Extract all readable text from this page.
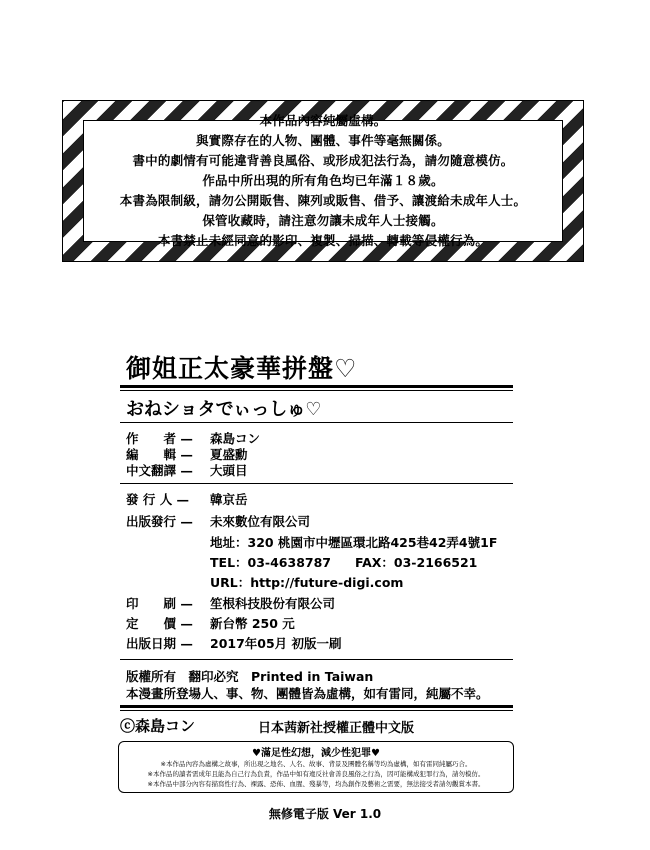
本作品內容純屬虛構。
與實際存在的人物、團體、事件等毫無關係。
書中的劇情有可能違背善良風俗、或形成犯法行為，請勿隨意模仿。
作品中所出現的所有角色均已年滿１８歲。
本書為限制級，請勿公開販售、陳列或販售、借予、讓渡給未成年人士。
保管收藏時，請注意勿讓未成年人士接觸。
本書禁止未經同意的影印、複製、掃描、轉載等侵權行為。
御姐正太豪華拼盤♡
おねショタでぃっしゅ♡
作　　者 — 森島コン
編　　輯 — 夏盛勳
中文翻譯 — 大頭目
發 行 人 — 韓京岳
出版發行 — 未來數位有限公司
地址：320 桃園市中壢區環北路425巷42弄4號1F
TEL：03-4638787 FAX：03-2166521
URL：http://future-digi.com
印　　刷 — 笙根科技股份有限公司
定　　價 — 新台幣 250 元
出版日期 — 2017年05月 初版一刷
版權所有　翻印必究　Printed in Taiwan
本漫畫所登場人、事、物、團體皆為虛構，如有雷同，純屬不幸。
ⓒ森島コン	日本茜新社授權正體中文版
♥滿足性幻想，減少性犯罪♥
※本作品內容為虛構之故事，所出現之地名、人名、故事、背景及團體名稱等均為虛構，如有雷同純屬巧合。
※本作品的讀者需成年且能為自己行為負責，作品中如有違反社會善良風俗之行為，因可能構成犯罪行為，請勿模仿。
※本作品中部分內容有描寫性行為、裸露、恐佈、血腥、殘暴等，均為創作及藝術之需要，無法接受者請勿觀賞本書。
無修電子版 Ver 1.0
